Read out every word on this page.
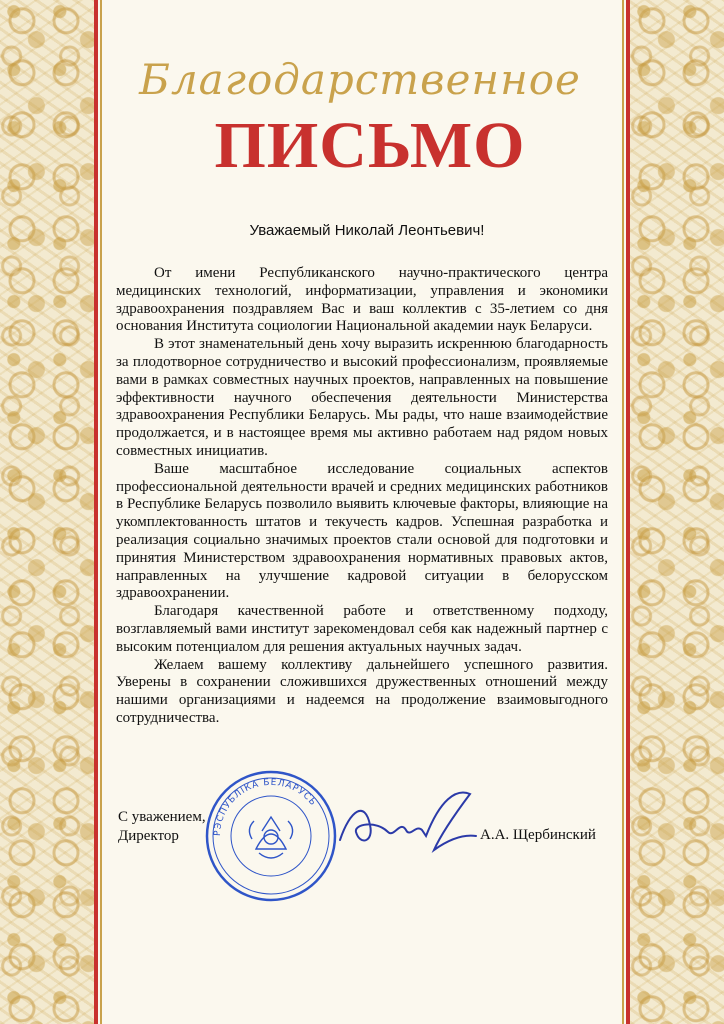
Благодарственное
ПИСЬМО
Уважаемый Николай Леонтьевич!

От имени Республиканского научно-практического центра медицинских технологий, информатизации, управления и экономики здравоохранения поздравляем Вас и ваш коллектив с 35-летием со дня основания Института социологии Национальной академии наук Беларуси.

В этот знаменательный день хочу выразить искреннюю благодарность за плодотворное сотрудничество и высокий профессионализм, проявляемые вами в рамках совместных научных проектов, направленных на повышение эффективности научного обеспечения деятельности Министерства здравоохранения Республики Беларусь. Мы рады, что наше взаимодействие продолжается, и в настоящее время мы активно работаем над рядом новых совместных инициатив.

Ваше масштабное исследование социальных аспектов профессиональной деятельности врачей и средних медицинских работников в Республике Беларусь позволило выявить ключевые факторы, влияющие на укомплектованность штатов и текучесть кадров. Успешная разработка и реализация социально значимых проектов стали основой для подготовки и принятия Министерством здравоохранения нормативных правовых актов, направленных на улучшение кадровой ситуации в белорусском здравоохранении.

Благодаря качественной работе и ответственному подходу, возглавляемый вами институт зарекомендовал себя как надежный партнер с высоким потенциалом для решения актуальных научных задач.

Желаем вашему коллективу дальнейшего успешного развития. Уверены в сохранении сложившихся дружественных отношений между нашими организациями и надеемся на продолжение взаимовыгодного сотрудничества.

С уважением,
Директор	РЭСПУБЛІКА БЕЛАРУСЬ
А.А. Щербинский
